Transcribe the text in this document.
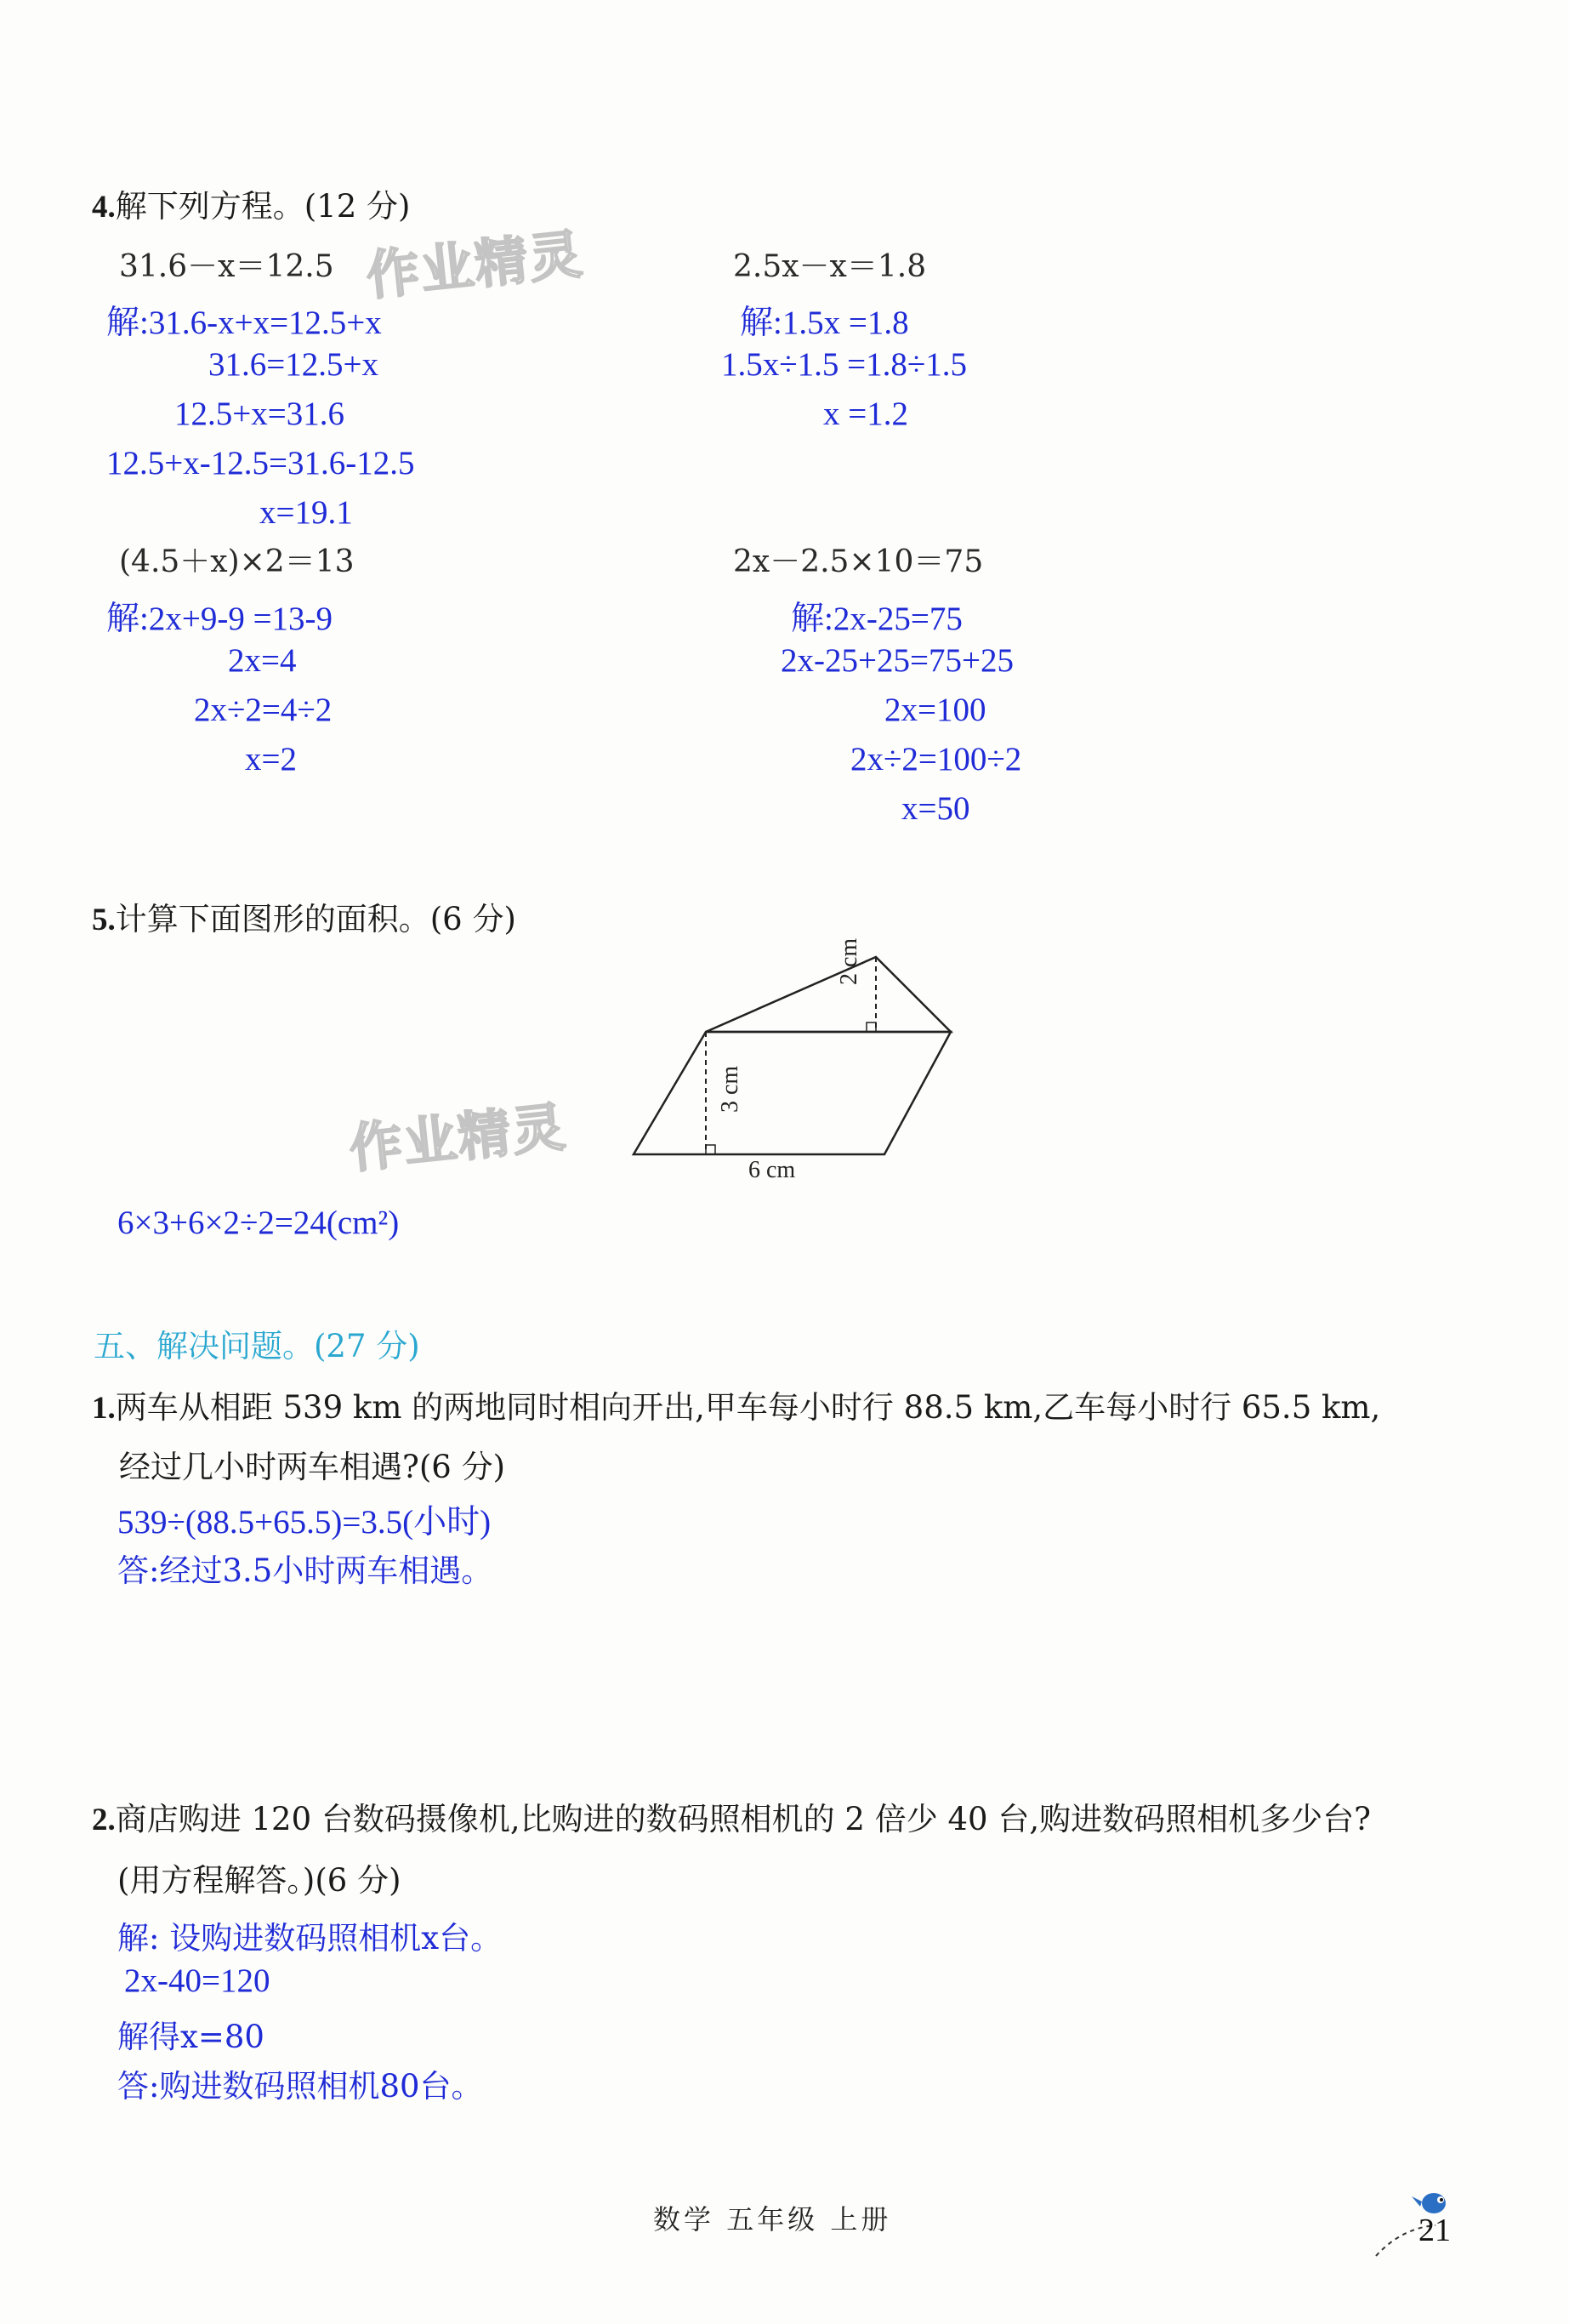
作业精灵
作业精灵
4.解下列方程。(12 分)
31.6－x＝12.5
解:31.6-x+x=12.5+x
31.6=12.5+x
12.5+x=31.6
12.5+x-12.5=31.6-12.5
x=19.1
2.5x－x＝1.8
解:1.5x =1.8
1.5x÷1.5 =1.8÷1.5
x =1.2
(4.5＋x)×2＝13
解:2x+9-9 =13-9
2x=4
2x÷2=4÷2
x=2
2x－2.5×10＝75
解:2x-25=75
2x-25+25=75+25
2x=100
2x÷2=100÷2
x=50
5.计算下面图形的面积。(6 分)
2 cm
3 cm
6 cm
6×3+6×2÷2=24(cm²)
五、解决问题。(27 分)
1.两车从相距 539 km 的两地同时相向开出,甲车每小时行 88.5 km,乙车每小时行 65.5 km,
经过几小时两车相遇?(6 分)
539÷(88.5+65.5)=3.5(小时)
答:经过3.5小时两车相遇。
2.商店购进 120 台数码摄像机,比购进的数码照相机的 2 倍少 40 台,购进数码照相机多少台?
(用方程解答。)(6 分)
解: 设购进数码照相机x台。
2x-40=120
解得x=80
答:购进数码照相机80台。
数学 五年级 上册	21
